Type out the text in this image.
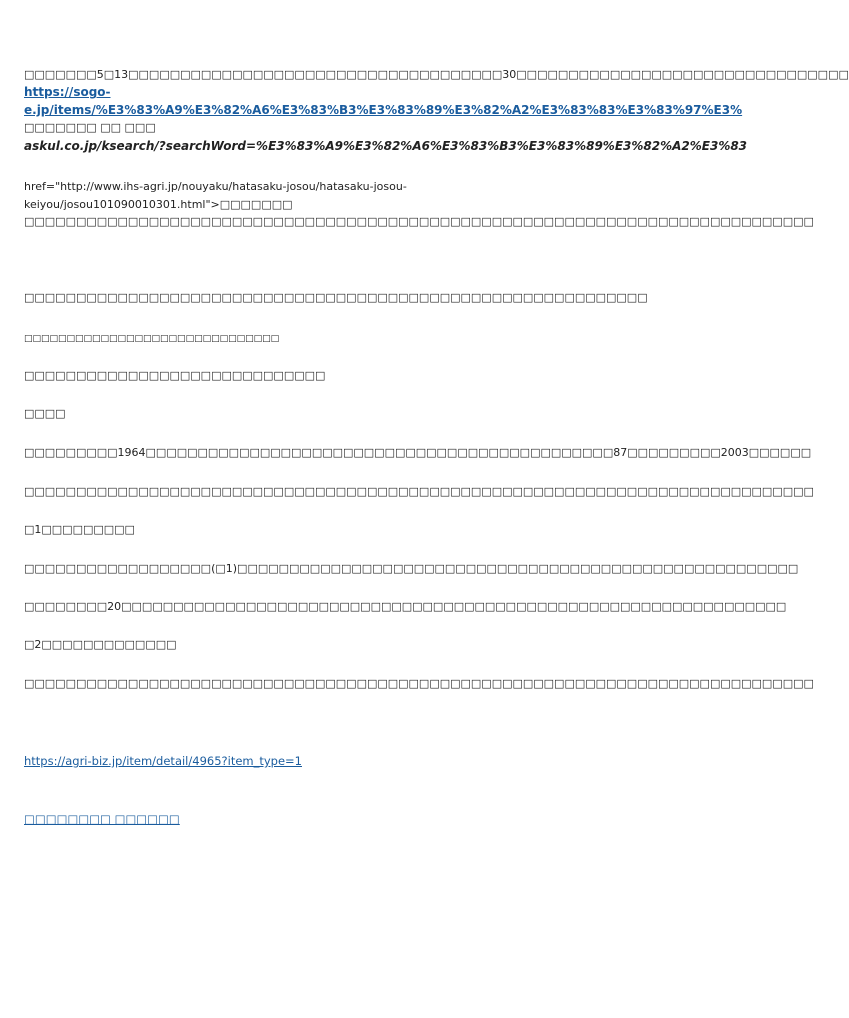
□□□□□□□5□13□□□□□□□□□□□□□□□□□□□□□□□□□□□□□□□□□□□□30□□□□□□□□□□□□□□□□□□□□□□□□□□□□□□□□
https://sogo-
e.jp/items/%E3%83%A9%E3%82%A6%E3%83%B3%E3%83%89%E3%82%A2%E3%83%83%E3%83%97%E3%
□□□□□□□ □□ □□□
askul.co.jp/ksearch/?searchWord=%E3%83%A9%E3%82%A6%E3%83%B3%E3%83%89%E3%82%A2%E3%83
href="http://www.ihs-agri.jp/nouyaku/hatasaku-josou/hatasaku-josou-
keiyou/josou101090010301.html">□□□□□□□
□□□□□□□□□□□□□□□□□□□□□□□□□□□□□□□□□□□□□□□□□□□□□□□□□□□□□□□□□□□□□□□□□□□□□□□□□□□□
□□□□□□□□□□□□□□□□□□□□□□□□□□□□□□□□□□□□□□□□□□□□□□□□□□□□□□□□□□□□
□□□□□□□□□□□□□□□□□□□□□□□□□□□□□□
□□□□□□□□□□□□□□□□□□□□□□□□□□□□□
□□□□
□□□□□□□□□1964□□□□□□□□□□□□□□□□□□□□□□□□□□□□□□□□□□□□□□□□□□□□□87□□□□□□□□□2003□□□□□□
□□□□□□□□□□□□□□□□□□□□□□□□□□□□□□□□□□□□□□□□□□□□□□□□□□□□□□□□□□□□□□□□□□□□□□□□□□□□
□1□□□□□□□□□
□□□□□□□□□□□□□□□□□□(□1)□□□□□□□□□□□□□□□□□□□□□□□□□□□□□□□□□□□□□□□□□□□□□□□□□□□□□□
□□□□□□□□20□□□□□□□□□□□□□□□□□□□□□□□□□□□□□□□□□□□□□□□□□□□□□□□□□□□□□□□□□□□□□□□□
□2□□□□□□□□□□□□□
□□□□□□□□□□□□□□□□□□□□□□□□□□□□□□□□□□□□□□□□□□□□□□□□□□□□□□□□□□□□□□□□□□□□□□□□□□□□
https://agri-biz.jp/item/detail/4965?item_type=1
□□□□□□□□ □□□□□□
